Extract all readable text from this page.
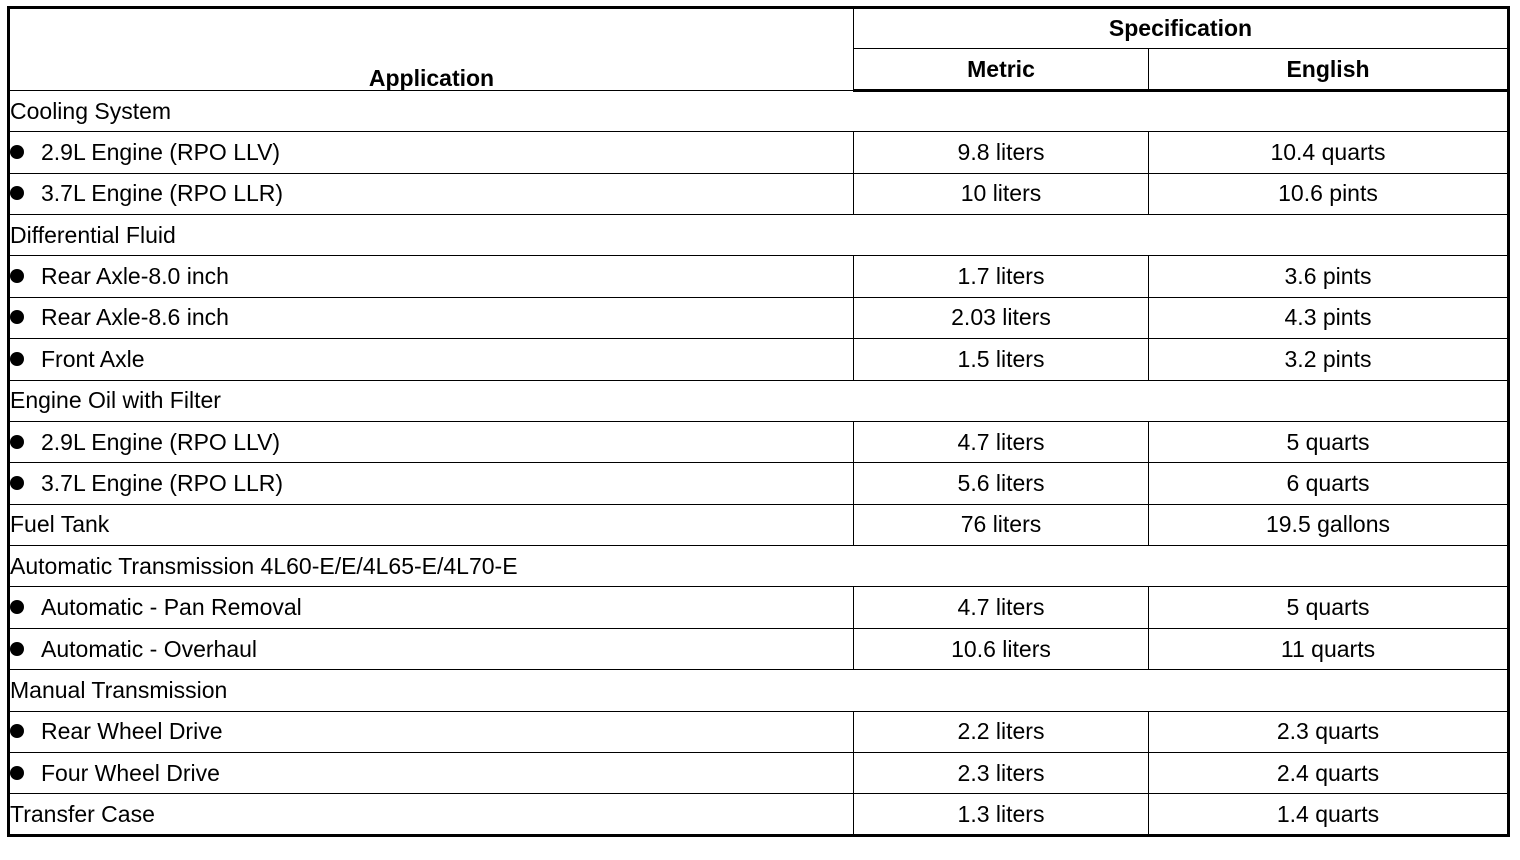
Application	Specification	
	Metric	English
Cooling System		
2.9L Engine (RPO LLV)	9.8 liters	10.4 quarts
3.7L Engine (RPO LLR)	10 liters	10.6 pints
Differential Fluid		
Rear Axle-8.0 inch	1.7 liters	3.6 pints
Rear Axle-8.6 inch	2.03 liters	4.3 pints
Front Axle	1.5 liters	3.2 pints
Engine Oil with Filter		
2.9L Engine (RPO LLV)	4.7 liters	5 quarts
3.7L Engine (RPO LLR)	5.6 liters	6 quarts
Fuel Tank	76 liters	19.5 gallons
Automatic Transmission 4L60-E/E/4L65-E/4L70-E		
Automatic - Pan Removal	4.7 liters	5 quarts
Automatic - Overhaul	10.6 liters	11 quarts
Manual Transmission		
Rear Wheel Drive	2.2 liters	2.3 quarts
Four Wheel Drive	2.3 liters	2.4 quarts
Transfer Case	1.3 liters	1.4 quarts
